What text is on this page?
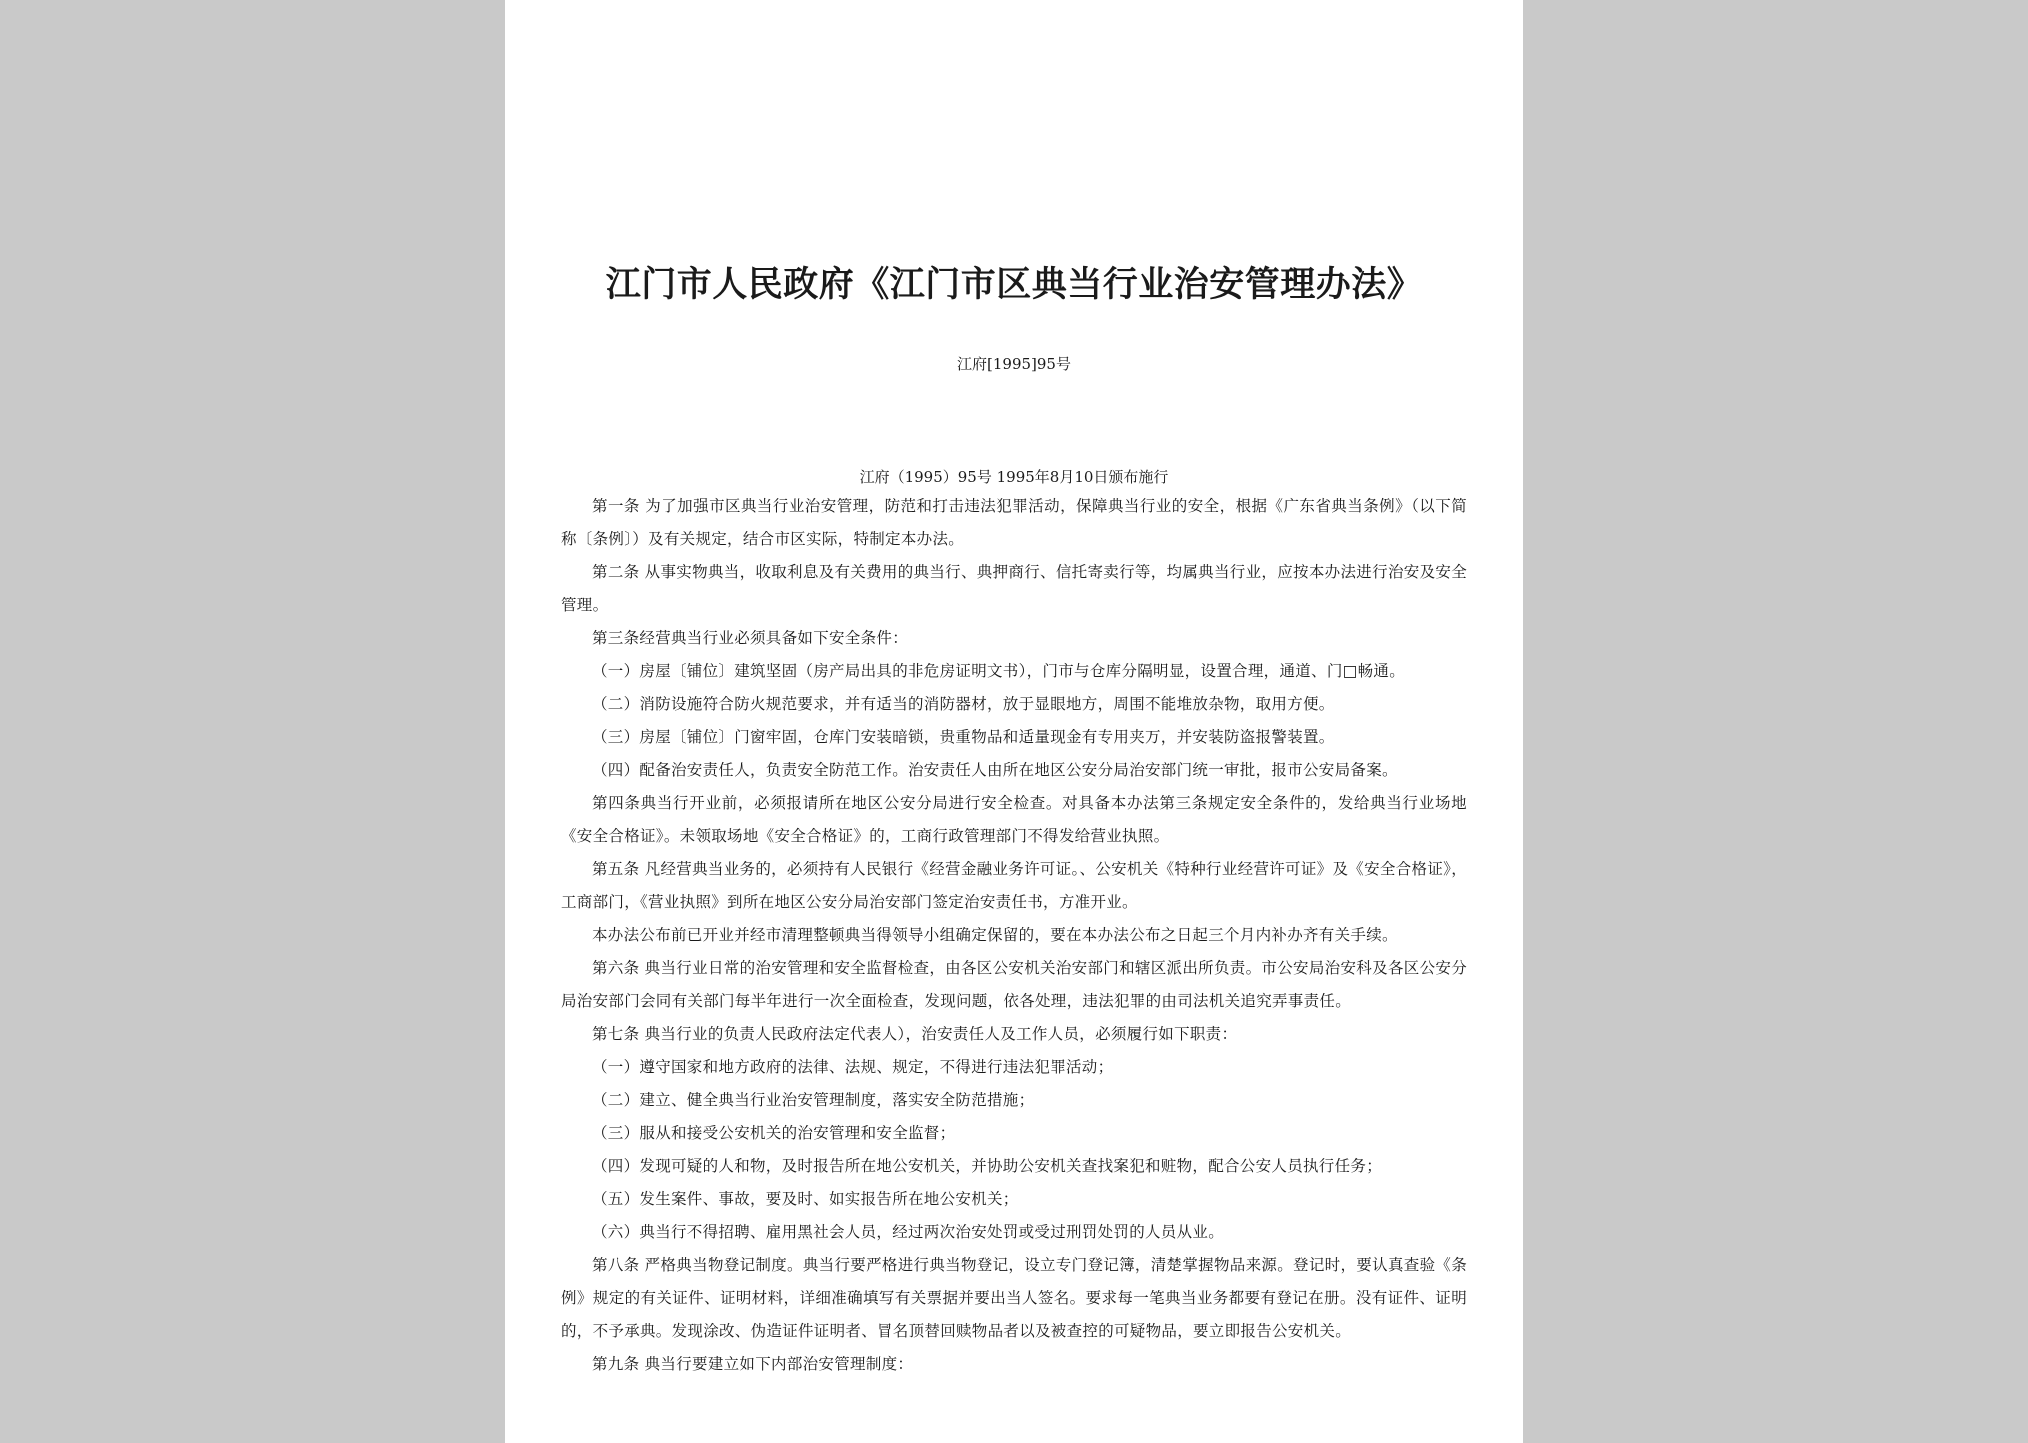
江门市人民政府《江门市区典当行业治安管理办法》
江府[1995]95号
江府（1995）95号 1995年8月10日颁布施行

第一条 为了加强市区典当行业治安管理，防范和打击违法犯罪活动，保障典当行业的安全，根据《广东省典当条例》（以下简称〔条例〕）及有关规定，结合市区实际，特制定本办法。

第二条 从事实物典当，收取利息及有关费用的典当行、典押商行、信托寄卖行等，均属典当行业，应按本办法进行治安及安全管理。

第三条经营典当行业必须具备如下安全条件：

（一）房屋〔铺位〕建筑坚固（房产局出具的非危房证明文书），门市与仓库分隔明显，设置合理，通道、门□畅通。

（二）消防设施符合防火规范要求，并有适当的消防器材，放于显眼地方，周围不能堆放杂物，取用方便。

（三）房屋〔铺位〕门窗牢固，仓库门安装暗锁，贵重物品和适量现金有专用夹万，并安装防盗报警装置。

（四）配备治安责任人，负责安全防范工作。治安责任人由所在地区公安分局治安部门统一审批，报市公安局备案。

第四条典当行开业前，必须报请所在地区公安分局进行安全检查。对具备本办法第三条规定安全条件的，发给典当行业场地《安全合格证》。未领取场地《安全合格证》的，工商行政管理部门不得发给营业执照。

第五条 凡经营典当业务的，必须持有人民银行《经营金融业务许可证。、公安机关《特种行业经营许可证》及《安全合格证》，工商部门，《营业执照》到所在地区公安分局治安部门签定治安责任书，方准开业。

本办法公布前已开业并经市清理整顿典当得领导小组确定保留的，要在本办法公布之日起三个月内补办齐有关手续。

第六条 典当行业日常的治安管理和安全监督检查，由各区公安机关治安部门和辖区派出所负责。市公安局治安科及各区公安分局治安部门会同有关部门每半年进行一次全面检查，发现问题，依各处理，违法犯罪的由司法机关追究弄事责任。

第七条 典当行业的负责人民政府法定代表人），治安责任人及工作人员，必须履行如下职责：

（一）遵守国家和地方政府的法律、法规、规定，不得进行违法犯罪活动；

（二）建立、健全典当行业治安管理制度，落实安全防范措施；

（三）服从和接受公安机关的治安管理和安全监督；

（四）发现可疑的人和物，及时报告所在地公安机关，并协助公安机关查找案犯和赃物，配合公安人员执行任务；

（五）发生案件、事故，要及时、如实报告所在地公安机关；

（六）典当行不得招聘、雇用黑社会人员，经过两次治安处罚或受过刑罚处罚的人员从业。

第八条 严格典当物登记制度。典当行要严格进行典当物登记，设立专门登记簿，清楚掌握物品来源。登记时，要认真查验《条例》规定的有关证件、证明材料，详细准确填写有关票据并要出当人签名。要求每一笔典当业务都要有登记在册。没有证件、证明的，不予承典。发现涂改、伪造证件证明者、冒名顶替回赎物品者以及被查控的可疑物品，要立即报告公安机关。

第九条 典当行要建立如下内部治安管理制度：
